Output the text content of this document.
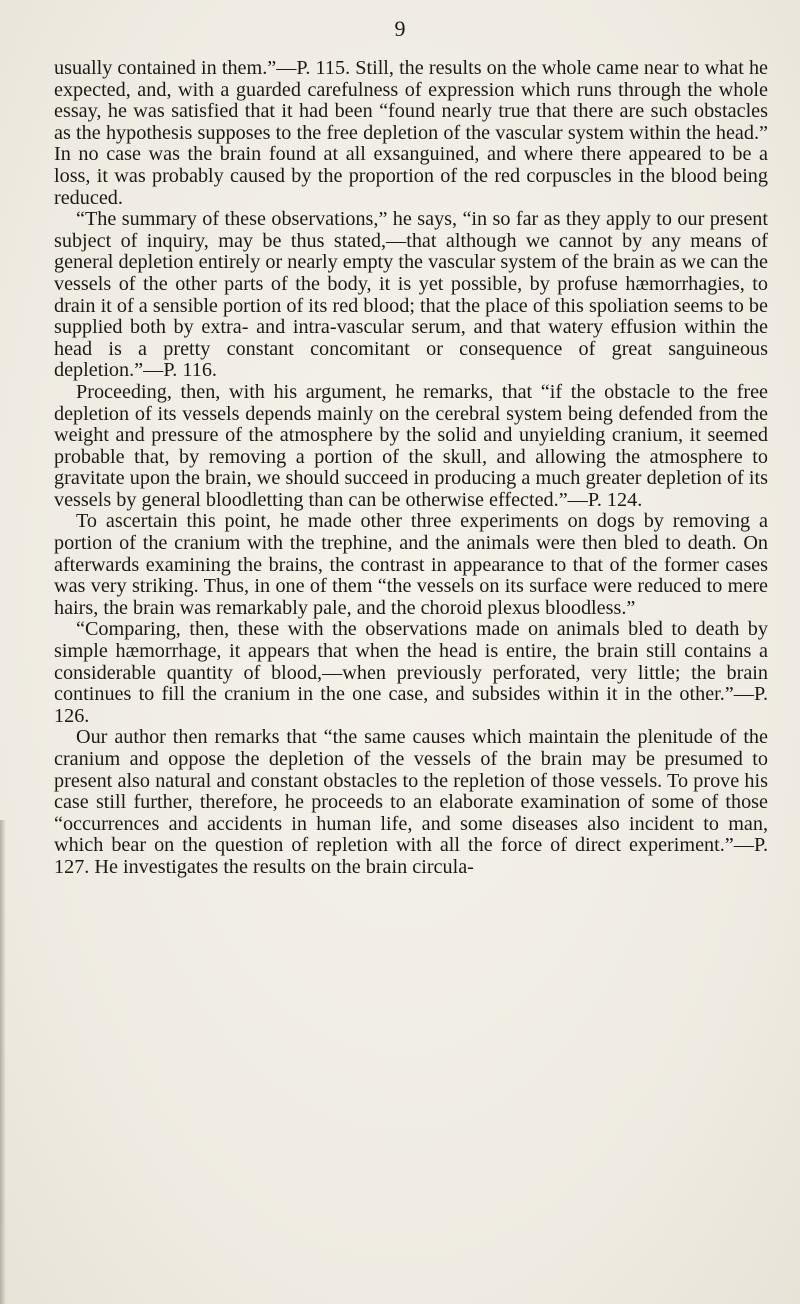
9

usually contained in them.”—P. 115. Still, the results on the whole came near to what he expected, and, with a guarded carefulness of expression which runs through the whole essay, he was satisfied that it had been “found nearly true that there are such obstacles as the hypothesis supposes to the free depletion of the vascular system within the head.” In no case was the brain found at all exsanguined, and where there appeared to be a loss, it was probably caused by the proportion of the red corpuscles in the blood being reduced.

“The summary of these observations,” he says, “in so far as they apply to our present subject of inquiry, may be thus stated,—that although we cannot by any means of general depletion entirely or nearly empty the vascular system of the brain as we can the vessels of the other parts of the body, it is yet possible, by profuse hæmorrhagies, to drain it of a sensible portion of its red blood; that the place of this spoliation seems to be supplied both by extra- and intra-vascular serum, and that watery effusion within the head is a pretty constant concomitant or consequence of great sanguineous depletion.”—P. 116.

Proceeding, then, with his argument, he remarks, that “if the obstacle to the free depletion of its vessels depends mainly on the cerebral system being defended from the weight and pressure of the atmosphere by the solid and unyielding cranium, it seemed probable that, by removing a portion of the skull, and allowing the atmosphere to gravitate upon the brain, we should succeed in producing a much greater depletion of its vessels by general bloodletting than can be otherwise effected.”—P. 124.

To ascertain this point, he made other three experiments on dogs by removing a portion of the cranium with the trephine, and the animals were then bled to death. On afterwards examining the brains, the contrast in appearance to that of the former cases was very striking. Thus, in one of them “the vessels on its surface were reduced to mere hairs, the brain was remarkably pale, and the choroid plexus bloodless.”

“Comparing, then, these with the observations made on animals bled to death by simple hæmorrhage, it appears that when the head is entire, the brain still contains a considerable quantity of blood,—when previously perforated, very little; the brain continues to fill the cranium in the one case, and subsides within it in the other.”—P. 126.

Our author then remarks that “the same causes which maintain the plenitude of the cranium and oppose the depletion of the vessels of the brain may be presumed to present also natural and constant obstacles to the repletion of those vessels. To prove his case still further, therefore, he proceeds to an elaborate examination of some of those “occurrences and accidents in human life, and some diseases also incident to man, which bear on the question of repletion with all the force of direct experiment.”—P. 127. He investigates the results on the brain circula-
